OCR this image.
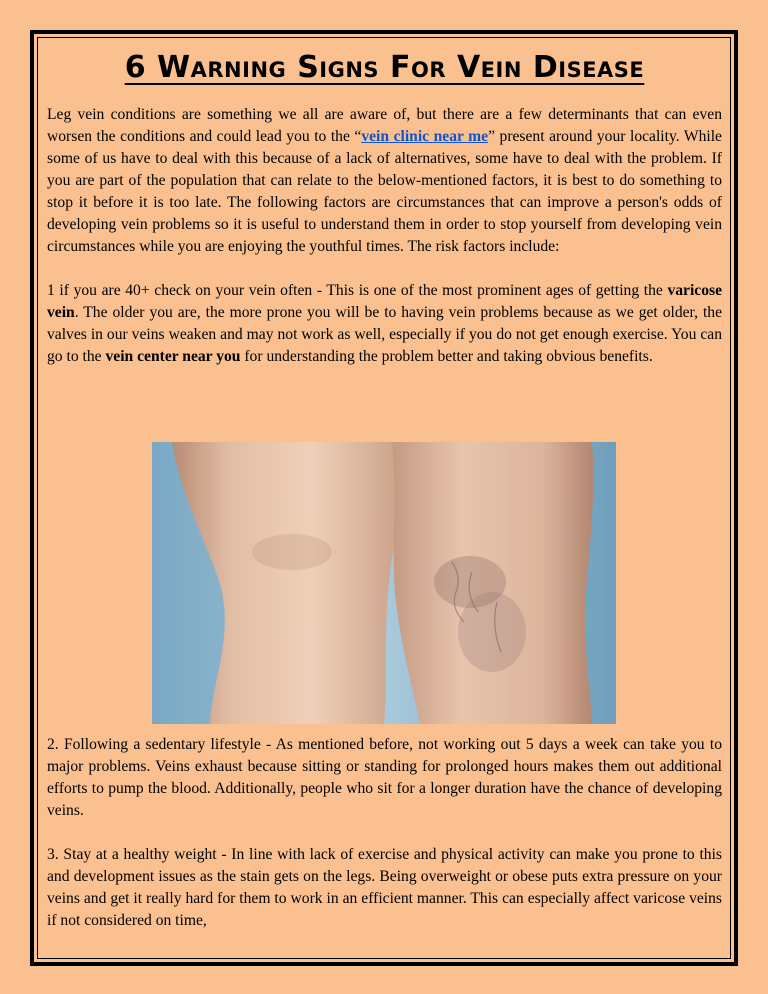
6 Warning Signs For Vein Disease

Leg vein conditions are something we all are aware of, but there are a few determinants that can even worsen the conditions and could lead you to the “vein clinic near me” present around your locality. While some of us have to deal with this because of a lack of alternatives, some have to deal with the problem. If you are part of the population that can relate to the below-mentioned factors, it is best to do something to stop it before it is too late. The following factors are circumstances that can improve a person's odds of developing vein problems so it is useful to understand them in order to stop yourself from developing vein circumstances while you are enjoying the youthful times. The risk factors include:

1 if you are 40+ check on your vein often - This is one of the most prominent ages of getting the varicose vein. The older you are, the more prone you will be to having vein problems because as we get older, the valves in our veins weaken and may not work as well, especially if you do not get enough exercise. You can go to the vein center near you for understanding the problem better and taking obvious benefits.

2. Following a sedentary lifestyle - As mentioned before, not working out 5 days a week can take you to major problems. Veins exhaust because sitting or standing for prolonged hours makes them out additional efforts to pump the blood. Additionally, people who sit for a longer duration have the chance of developing veins.

3. Stay at a healthy weight - In line with lack of exercise and physical activity can make you prone to this and development issues as the stain gets on the legs. Being overweight or obese puts extra pressure on your veins and get it really hard for them to work in an efficient manner. This can especially affect varicose veins if not considered on time,
